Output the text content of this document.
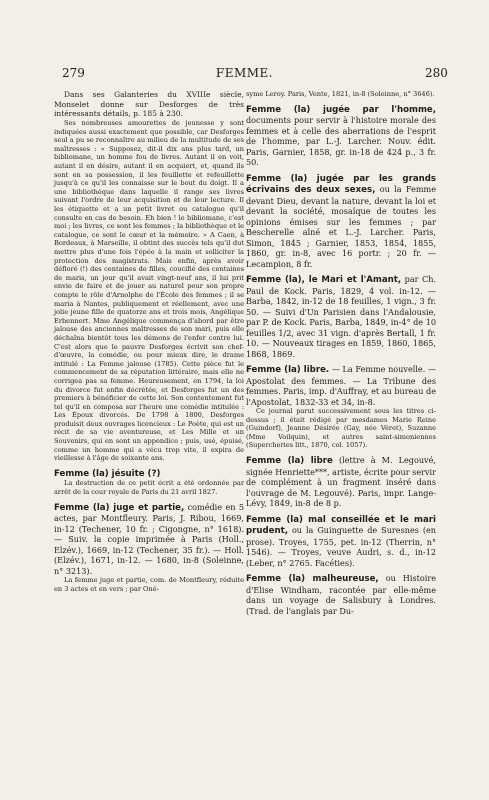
279	FEMME.	280

Dans ses Galanteries du XVIIIe siècle, Monselet donne sur Desforges de très intéressants détails, p. 185 à 230.

Ses nombreuses amourettes de jeunesse y sont indiquées aussi exactement que possible, car Desforges seul a pu se reconnaître au milieu de la multitude de ses maîtresses : « Supposez, dit-il dix ans plus tard, un bibliomane, un homme fou de livres. Autant il en voit, autant il en désire, autant il en acquiert, et, quand ils sont en sa possession, il les feuillette et refeuillette jusqu'à ce qu'il les connaisse sur le bout du doigt. Il a une bibliothèque dans laquelle il range ses livres suivant l'ordre de leur acquisition et de leur lecture. Il les étiquette et a un petit livret ou catalogue qu'il consulte en cas de besoin. Eh bien ! le bibliomane, c'est moi ; les livres, ce sont les femmes ; la bibliothèque et le catalogue, ce sont le cœur et la mémoire. » A Caen, à Bordeaux, à Marseille, il obtint des succès tels qu'il dut mettre plus d'une fois l'épée à la main et solliciter la protection des magistrats. Mais enfin, après avoir défloré (!) des centaines de filles, coucifié des centaines de maris, un jour qu'il avait vingt-neuf ans, il lui prit envie de faire et de jouer au naturel pour son propre compte le rôle d'Arnolphe de l'École des femmes ; il se maria à Nantes, publiquement et réellement, avec une jolie jeune fille de quatorze ans et trois mois, Angélique Erbennert. Mme Angélique commença d'abord par être jalouse des anciennes maîtresses de son mari, puis elle déchaîna bientôt tous les démons de l'enfer contre lui. C'est alors que le pauvre Desforges écrivit son chef-d'œuvre, la comédie, ou pour mieux dire, le drame intitulé : La Femme jalouse (1785). Cette pièce fut le commencement de sa réputation littéraire, mais elle ne corrigea pas sa femme. Heureusement, en 1794, la loi du divorce fut enfin décrétée, et Desforges fut un des premiers à bénéficier de cette loi. Son contentement fut tel qu'il en composa sur l'heure une comédie intitulée : Les Époux divorcés. De 1798 à 1800, Desforges produisit deux ouvrages licencieux : Le Poète, qui est un récit de sa vie aventureuse, et Les Mille et un Souvenirs, qui en sont un appendice ; puis, usé, épuisé, comme un homme qui a vécu trop vite, il expira de vieillesse à l'âge de soixante ans.

Femme (la) jésuite (?)

La destruction de ce petit écrit a été ordonnée par arrêt de la cour royale de Paris du 21 avril 1827.

Femme (la) juge et partie, comédie en 5 actes, par Montfleury. Paris, J. Ribou, 1669, in-12 (Techener, 10 fr. ; Cigongne, n° 1618). — Suiv. la copie imprimée à Paris (Holl., Elzév.), 1669, in-12 (Techener, 35 fr.). — Holl. (Elzév.), 1671, in-12. — 1680, in-8 (Soleinne, n° 3213).

La femme juge et partie, com. de Montfleury, réduite en 3 actes et en vers ; par Oné-

syme Leroy. Paris, Vente, 1821, in-8 (Soleinne, n° 3646).

Femme (la) jugée par l'homme, documents pour servir à l'histoire morale des femmes et à celle des aberrations de l'esprit de l'homme, par L.-J. Larcher. Nouv. édit. Paris, Garnier, 1858, gr. in-18 de 424 p., 3 fr. 50.
Femme (la) jugée par les grands écrivains des deux sexes, ou la Femme devant Dieu, devant la nature, devant la loi et devant la société, mosaïque de toutes les opinions émises sur les femmes ; par Bescherelle aîné et L.-J. Larcher. Paris, Simon, 1845 ; Garnier, 1853, 1854, 1855, 1860, gr. in-8, avec 16 portr. ; 20 fr. — Lecampion, 8 fr.
Femme (la), le Mari et l'Amant, par Ch. Paul de Kock. Paris, 1829, 4 vol. in-12. — Barba, 1842, in-12 de 18 feuilles, 1 vign., 3 fr. 50. — Suivi d'Un Parisien dans l'Andalousie, par P. de Kock. Paris, Barba, 1849, in-4° de 10 feuilles 1/2, avec 31 vign. d'après Bertall, 1 fr. 10. — Nouveaux tirages en 1859, 1860, 1865, 1868, 1869.
Femme (la) libre. — La Femme nouvelle. — Apostolat des femmes. — La Tribune des femmes. Paris, imp. d'Auffray, et au bureau de l'Apostolat, 1832-33 et 34, in-8.

Ce journal parut successivement sous les titres ci-dessus ; il était rédigé par mesdames Marie Reine (Guindorf), Jeanne Désirée (Gay, née Véret), Suzanne (Mme Voilquin), et autres saint-simoniennes (Supercheries litt., 1870, col. 1057).

Femme (la) libre (lettre à M. Legouvé, signée Henriette***, artiste, écrite pour servir de complément à un fragment inséré dans l'ouvrage de M. Legouvé). Paris, impr. Lange-Lévy, 1849, in-8 de 8 p.
Femme (la) mal conseillée et le mari prudent, ou la Guinguette de Suresnes (en prose). Troyes, 1755, pet. in-12 (Therrin, n° 1546). — Troyes, veuve Audri, s. d., in-12 (Leber, n° 2765. Facéties).
Femme (la) malheureuse, ou Histoire d'Elise Windham, racontée par elle-même dans un voyage de Salisbury à Londres. (Trad. de l'anglais par Du-
